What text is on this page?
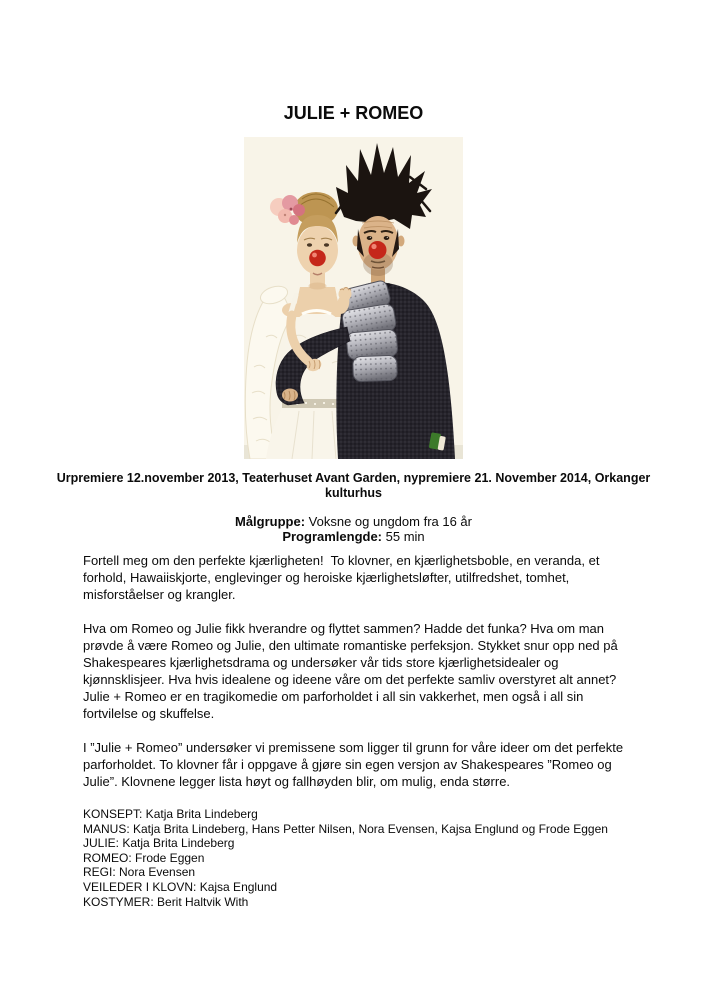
JULIE + ROMEO
Urpremiere 12.november 2013, Teaterhuset Avant Garden, nypremiere 21. November 2014, Orkanger kulturhus
Målgruppe: Voksne og ungdom fra 16 år
Programlengde: 55 min

Fortell meg om den perfekte kjærligheten!  To klovner, en kjærlighetsboble, en veranda, et forhold, Hawaiiskjorte, englevinger og heroiske kjærlighetsløfter, utilfredshet, tomhet, misforståelser og krangler.

Hva om Romeo og Julie fikk hverandre og flyttet sammen? Hadde det funka? Hva om man prøvde å være Romeo og Julie, den ultimate romantiske perfeksjon. Stykket snur opp ned på Shakespeares kjærlighetsdrama og undersøker vår tids store kjærlighetsidealer og kjønnsklisjeer. Hva hvis idealene og ideene våre om det perfekte samliv overstyret alt annet? Julie + Romeo er en tragikomedie om parforholdet i all sin vakkerhet, men også i all sin fortvilelse og skuffelse.

I ”Julie + Romeo” undersøker vi premissene som ligger til grunn for våre ideer om det perfekte parforholdet. To klovner får i oppgave å gjøre sin egen versjon av Shakespeares ”Romeo og Julie”. Klovnene legger lista høyt og fallhøyden blir, om mulig, enda større.

KONSEPT: Katja Brita Lindeberg
MANUS: Katja Brita Lindeberg, Hans Petter Nilsen, Nora Evensen, Kajsa Englund og Frode Eggen
JULIE: Katja Brita Lindeberg
ROMEO: Frode Eggen
REGI: Nora Evensen
VEILEDER I KLOVN: Kajsa Englund
KOSTYMER: Berit Haltvik With
